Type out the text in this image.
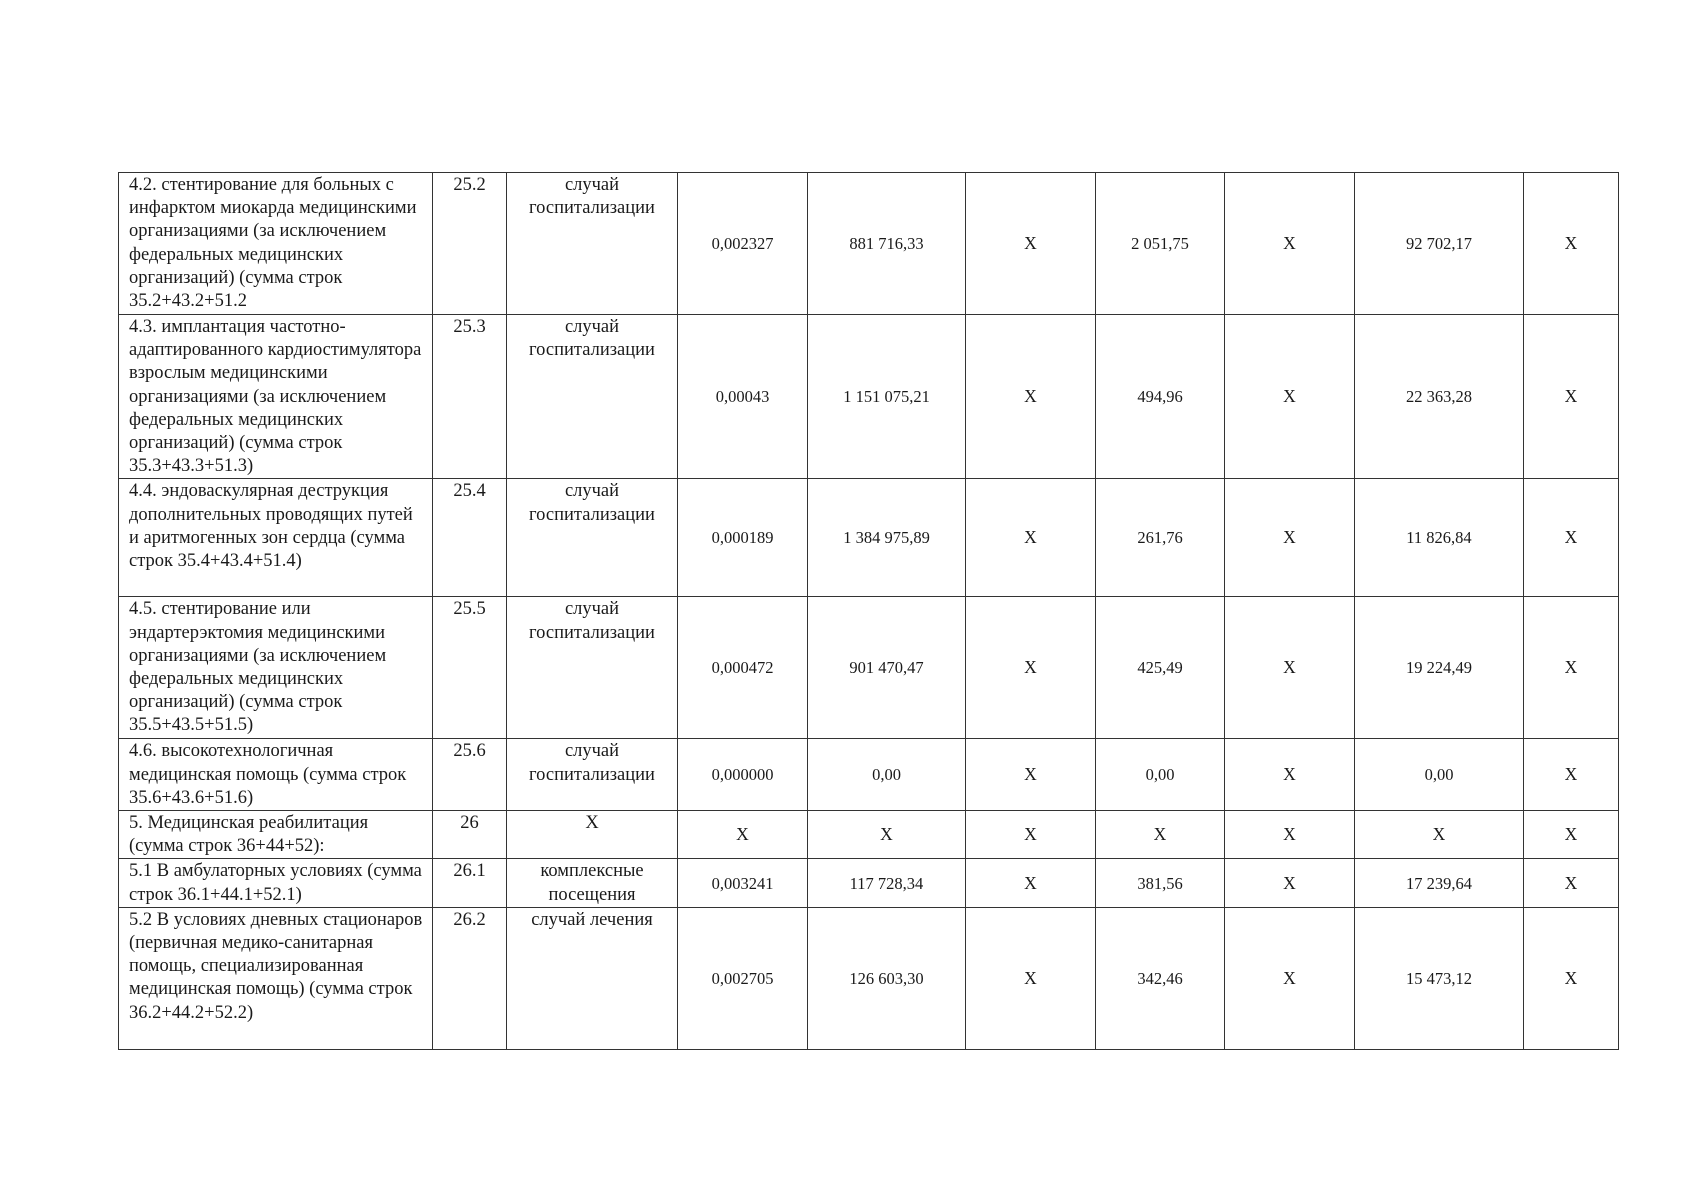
4.2. стентирование для больных с инфарктом миокарда медицинскими организациями (за исключением федеральных медицинских организаций) (сумма строк 35.2+43.2+51.2	25.2	случай госпитализации	0,002327	881 716,33	X	2 051,75	X	92 702,17	X
4.3. имплантация частотно-адаптированного кардиостимулятора взрослым медицинскими организациями (за исключением федеральных медицинских организаций) (сумма строк 35.3+43.3+51.3)	25.3	случай госпитализации	0,00043	1 151 075,21	X	494,96	X	22 363,28	X
4.4. эндоваскулярная деструкция дополнительных проводящих путей и аритмогенных зон сердца (сумма строк 35.4+43.4+51.4)	25.4	случай госпитализации	0,000189	1 384 975,89	X	261,76	X	11 826,84	X
4.5. стентирование или эндартерэктомия медицинскими организациями (за исключением федеральных медицинских организаций) (сумма строк 35.5+43.5+51.5)	25.5	случай госпитализации	0,000472	901 470,47	X	425,49	X	19 224,49	X
4.6. высокотехнологичная медицинская помощь (сумма строк 35.6+43.6+51.6)	25.6	случай госпитализации	0,000000	0,00	X	0,00	X	0,00	X
5. Медицинская реабилитация (сумма строк 36+44+52):	26	X	X	X	X	X	X	X	X
5.1 В амбулаторных условиях (сумма строк 36.1+44.1+52.1)	26.1	комплексные посещения	0,003241	117 728,34	X	381,56	X	17 239,64	X
5.2 В условиях дневных стационаров (первичная медико-санитарная помощь, специализированная медицинская помощь) (сумма строк 36.2+44.2+52.2)	26.2	случай лечения	0,002705	126 603,30	X	342,46	X	15 473,12	X
